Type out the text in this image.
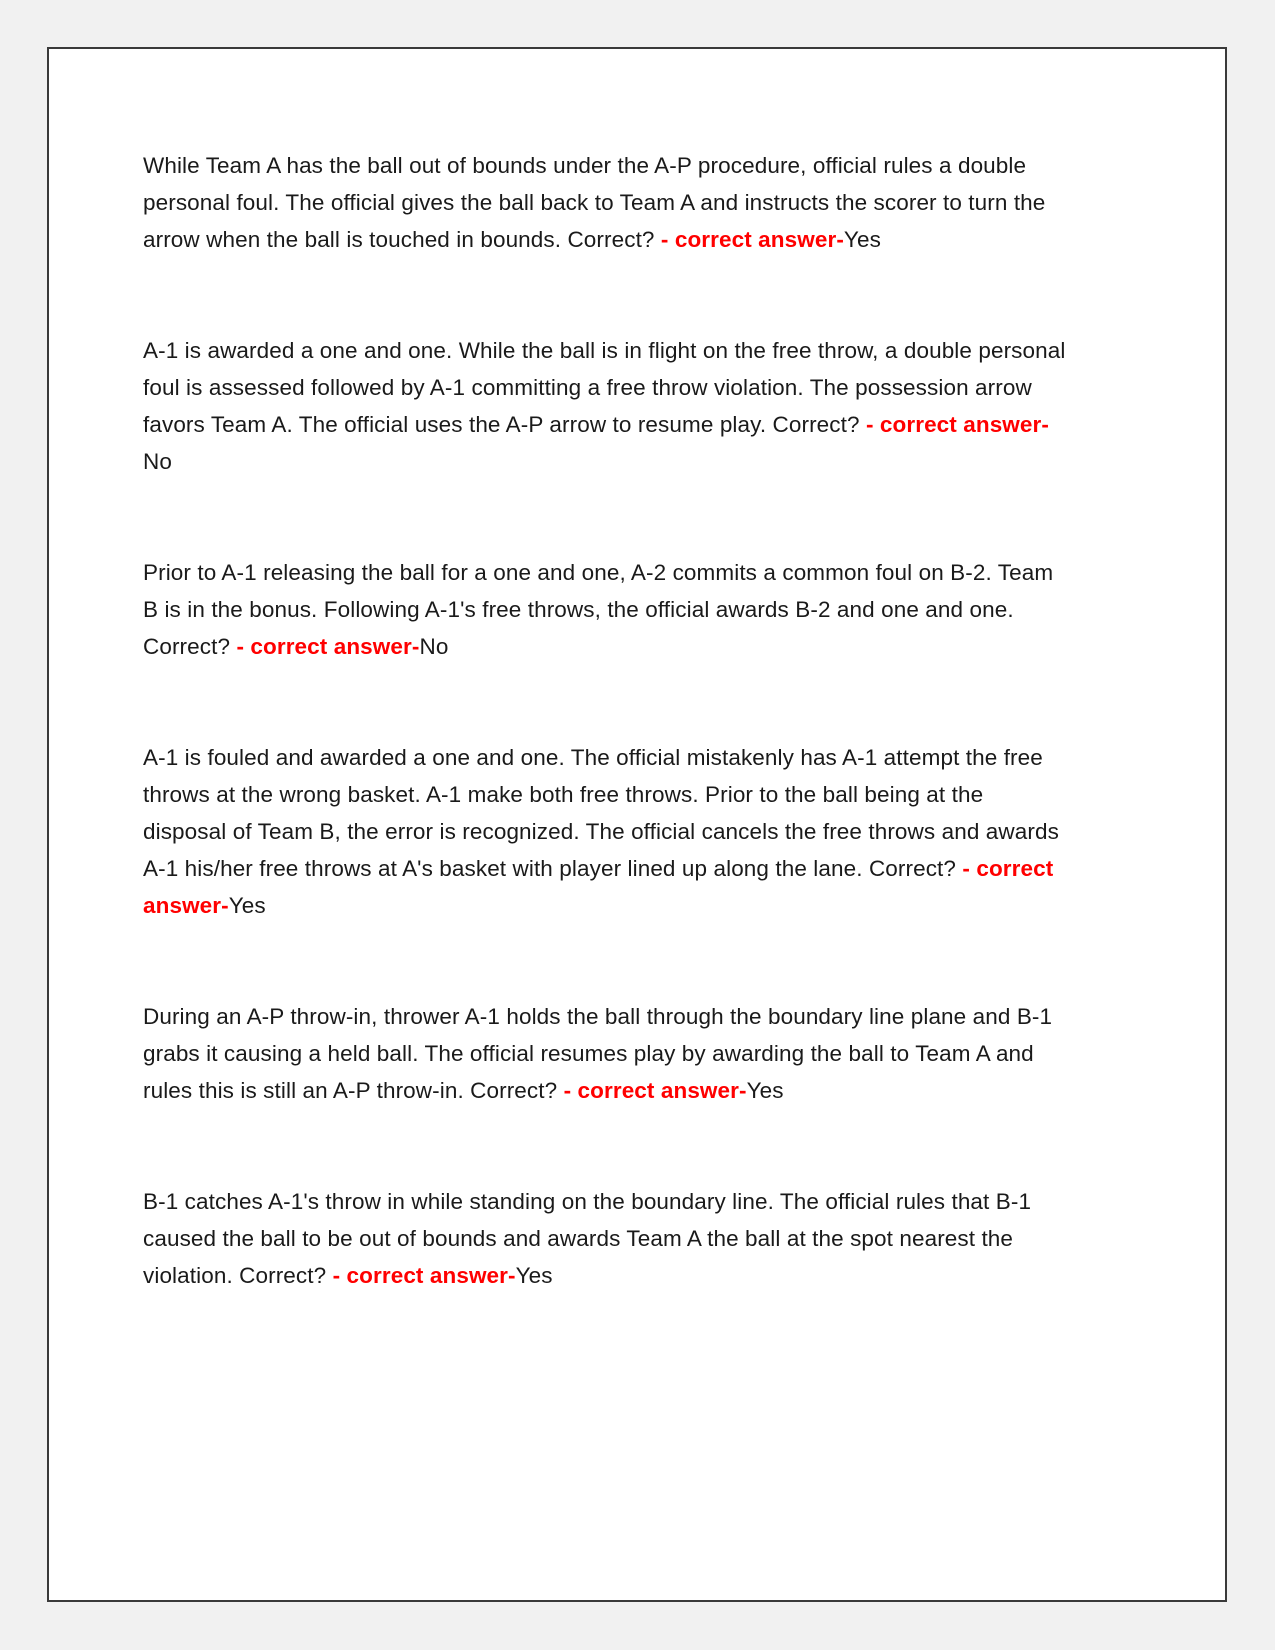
While Team A has the ball out of bounds under the A-P procedure, official rules a double personal foul. The official gives the ball back to Team A and instructs the scorer to turn the arrow when the ball is touched in bounds. Correct? - correct answer-Yes

A-1 is awarded a one and one. While the ball is in flight on the free throw, a double personal foul is assessed followed by A-1 committing a free throw violation. The possession arrow favors Team A. The official uses the A-P arrow to resume play. Correct? - correct answer-No

Prior to A-1 releasing the ball for a one and one, A-2 commits a common foul on B-2. Team B is in the bonus. Following A-1's free throws, the official awards B-2 and one and one. Correct? - correct answer-No

A-1 is fouled and awarded a one and one. The official mistakenly has A-1 attempt the free throws at the wrong basket. A-1 make both free throws. Prior to the ball being at the disposal of Team B, the error is recognized. The official cancels the free throws and awards A-1 his/her free throws at A's basket with player lined up along the lane. Correct? - correct answer-Yes

During an A-P throw-in, thrower A-1 holds the ball through the boundary line plane and B-1 grabs it causing a held ball. The official resumes play by awarding the ball to Team A and rules this is still an A-P throw-in. Correct? - correct answer-Yes

B-1 catches A-1's throw in while standing on the boundary line. The official rules that B-1 caused the ball to be out of bounds and awards Team A the ball at the spot nearest the violation. Correct? - correct answer-Yes
